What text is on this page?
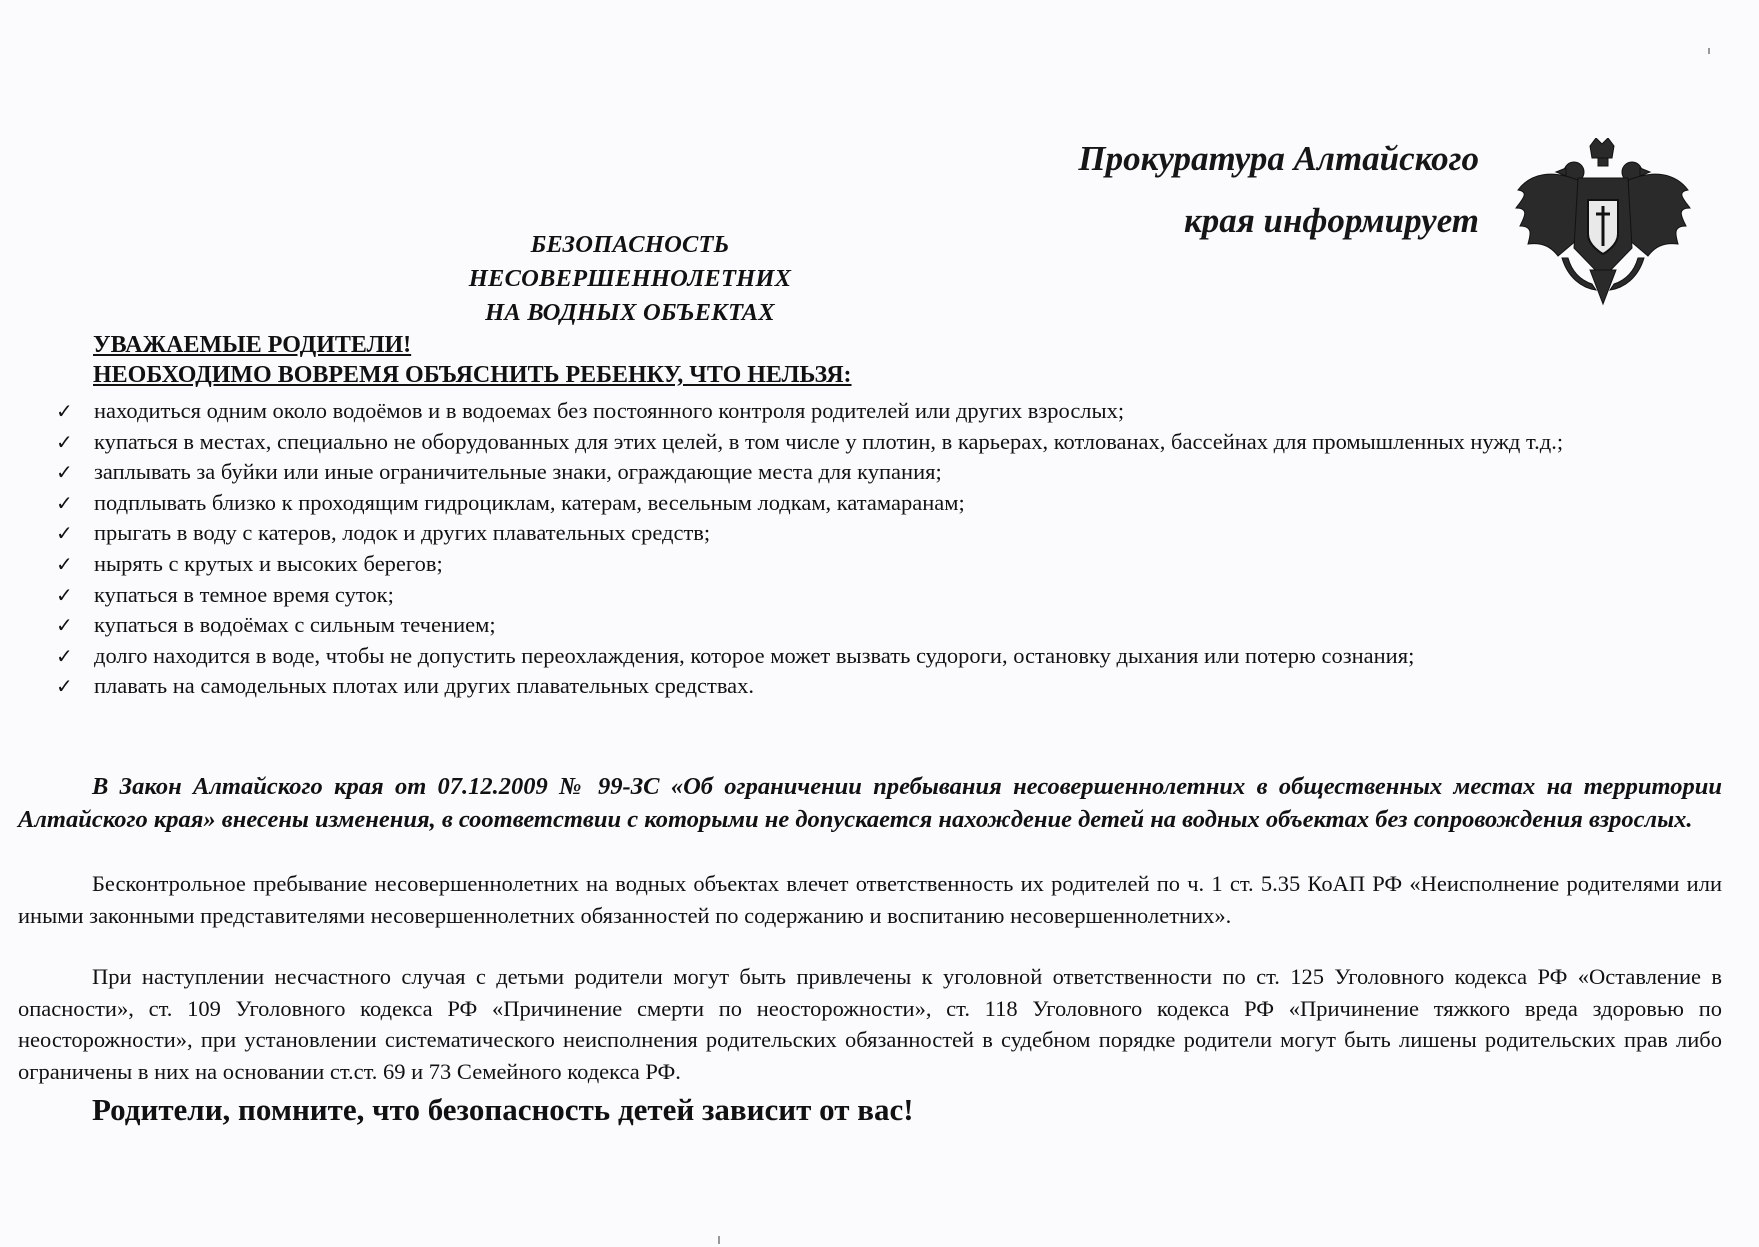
Прокуратура Алтайского
края информирует
БЕЗОПАСНОСТЬ НЕСОВЕРШЕННОЛЕТНИХ
НА ВОДНЫХ ОБЪЕКТАХ
УВАЖАЕМЫЕ РОДИТЕЛИ!
НЕОБХОДИМО ВОВРЕМЯ ОБЪЯСНИТЬ РЕБЕНКУ, ЧТО НЕЛЬЗЯ:
✓ находиться одним около водоёмов и в водоемах без постоянного контроля родителей или других взрослых;
✓ купаться в местах, специально не оборудованных для этих целей, в том числе у плотин, в карьерах, котлованах, бассейнах для промышленных нужд т.д.;
✓ заплывать за буйки или иные ограничительные знаки, ограждающие места для купания;
✓ подплывать близко к проходящим гидроциклам, катерам, весельным лодкам, катамаранам;
✓ прыгать в воду с катеров, лодок и других плавательных средств;
✓ нырять с крутых и высоких берегов;
✓ купаться в темное время суток;
✓ купаться в водоёмах с сильным течением;
✓ долго находится в воде, чтобы не допустить переохлаждения, которое может вызвать судороги, остановку дыхания или потерю сознания;
✓ плавать на самодельных плотах или других плавательных средствах.

В Закон Алтайского края от 07.12.2009 № 99-ЗС «Об ограничении пребывания несовершеннолетних в общественных местах на территории Алтайского края» внесены изменения, в соответствии с которыми не допускается нахождение детей на водных объектах без сопровождения взрослых.

Бесконтрольное пребывание несовершеннолетних на водных объектах влечет ответственность их родителей по ч. 1 ст. 5.35 КоАП РФ «Неисполнение родителями или иными законными представителями несовершеннолетних обязанностей по содержанию и воспитанию несовершеннолетних».

При наступлении несчастного случая с детьми родители могут быть привлечены к уголовной ответственности по ст. 125 Уголовного кодекса РФ «Оставление в опасности», ст. 109 Уголовного кодекса РФ «Причинение смерти по неосторожности», ст. 118 Уголовного кодекса РФ «Причинение тяжкого вреда здоровью по неосторожности», при установлении систематического неисполнения родительских обязанностей в судебном порядке родители могут быть лишены родительских прав либо ограничены в них на основании ст.ст. 69 и 73 Семейного кодекса РФ.

Родители, помните, что безопасность детей зависит от вас!
